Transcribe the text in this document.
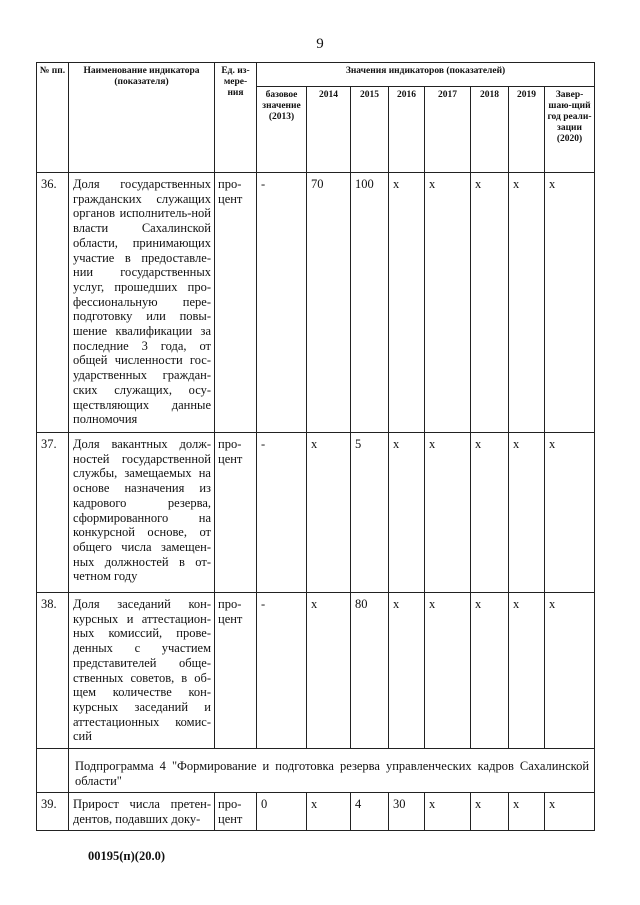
9
№ пп.	Наименование индикатора (показателя)	Ед. из-мере-ния	Значения индикаторов (показателей)							
			базовое значение (2013)	2014	2015	2016	2017	2018	2019	Завер-шаю-щий год реали-зации (2020)
36.	Доля государственных гражданских служащих органов исполнитель-ной власти Сахалинской области, принимающих участие в предоставле-нии государственных услуг, прошедших про-фессиональную пере-подготовку или повы-шение квалификации за последние 3 года, от общей численности гос-ударственных граждан-ских служащих, осу-ществляющих данные полномочия	про-цент	-	70	100	х	х	х	х	х
37.	Доля вакантных долж-ностей государственной службы, замещаемых на основе назначения из кадрового резерва, сформированного на конкурсной основе, от общего числа замещен-ных должностей в от-четном году	про-цент	-	х	5	х	х	х	х	х
38.	Доля заседаний кон-курсных и аттестацион-ных комиссий, прове-денных с участием представителей обще-ственных советов, в об-щем количестве кон-курсных заседаний и аттестационных комис-сий	про-цент	-	х	80	х	х	х	х	х
	Подпрограмма 4 "Формирование и подготовка резерва управленческих кадров Сахалинской области"									
39.	Прирост числа претен-дентов, подавших доку-	про-цент	0	х	4	30	х	х	х	х
00195(п)(20.0)
